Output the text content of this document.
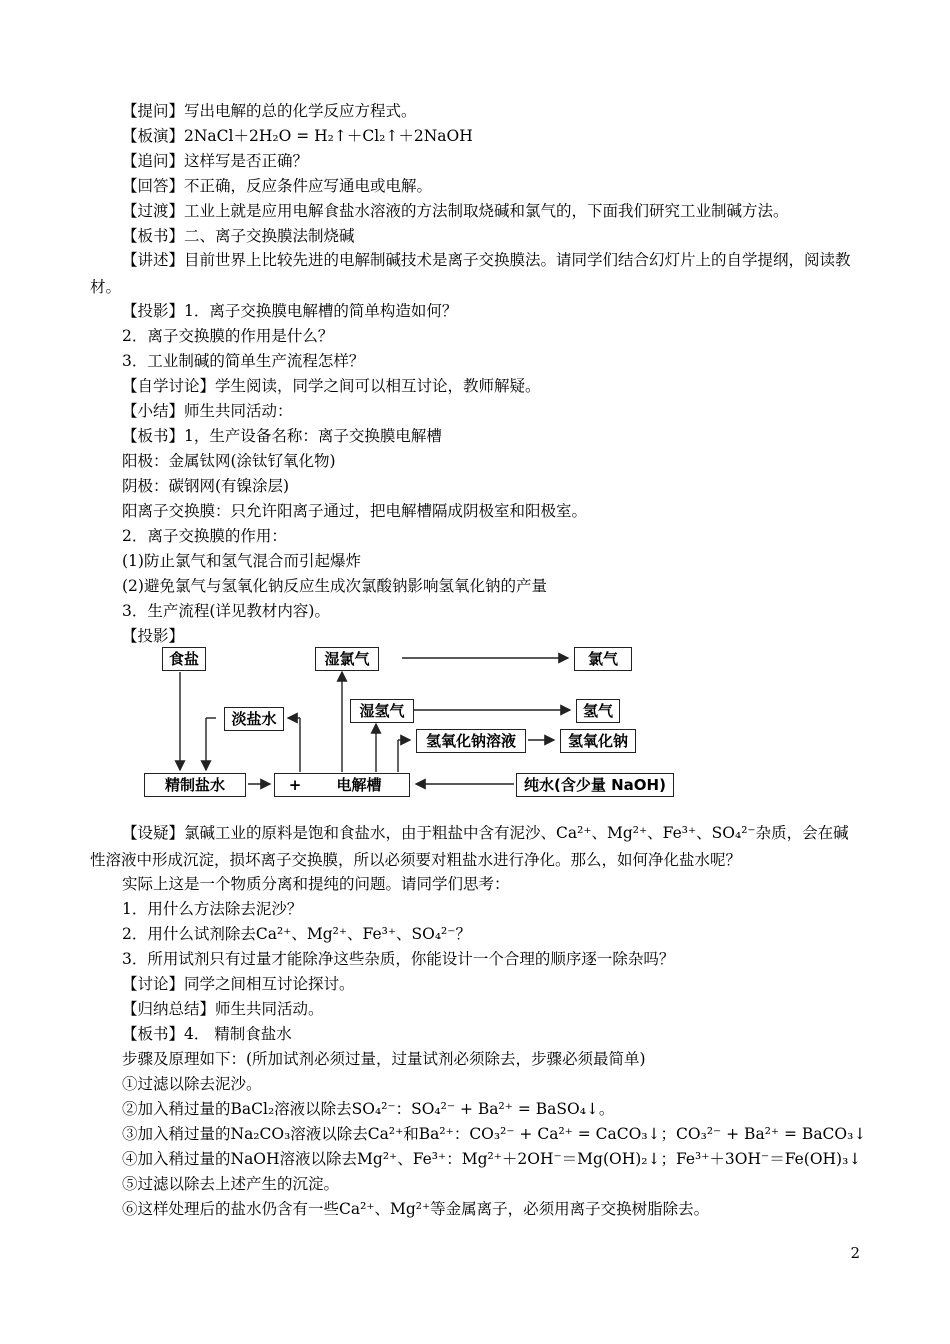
【提问】写出电解的总的化学反应方程式。
【板演】2NaCl＋2H₂O = H₂↑＋Cl₂↑＋2NaOH
【追问】这样写是否正确？
【回答】不正确，反应条件应写通电或电解。
【过渡】工业上就是应用电解食盐水溶液的方法制取烧碱和氯气的，下面我们研究工业制碱方法。
【板书】二、离子交换膜法制烧碱
【讲述】目前世界上比较先进的电解制碱技术是离子交换膜法。请同学们结合幻灯片上的自学提纲，阅读教材。
【投影】1．离子交换膜电解槽的简单构造如何？
2．离子交换膜的作用是什么？
3．工业制碱的简单生产流程怎样？
【自学讨论】学生阅读，同学之间可以相互讨论，教师解疑。
【小结】师生共同活动：
【板书】1，生产设备名称：离子交换膜电解槽
阳极：金属钛网(涂钛钌氧化物)
阴极：碳钢网(有镍涂层)
阳离子交换膜：只允许阳离子通过，把电解槽隔成阴极室和阳极室。
2．离子交换膜的作用：
(1)防止氯气和氢气混合而引起爆炸
(2)避免氯气与氢氧化钠反应生成次氯酸钠影响氢氧化钠的产量
3．生产流程(详见教材内容)。
【投影】
食盐	湿氯气	氯气
淡盐水	湿氢气	氢气
氢氧化钠溶液	氢氧化钠
精制盐水	+ 电解槽	纯水(含少量 NaOH)
【设疑】氯碱工业的原料是饱和食盐水，由于粗盐中含有泥沙、Ca²⁺、Mg²⁺、Fe³⁺、SO₄²⁻杂质，会在碱性溶液中形成沉淀，损坏离子交换膜，所以必须要对粗盐水进行净化。那么，如何净化盐水呢？
实际上这是一个物质分离和提纯的问题。请同学们思考：
1．用什么方法除去泥沙？
2．用什么试剂除去Ca²⁺、Mg²⁺、Fe³⁺、SO₄²⁻？
3．所用试剂只有过量才能除净这些杂质，你能设计一个合理的顺序逐一除杂吗？
【讨论】同学之间相互讨论探讨。
【归纳总结】师生共同活动。
【板书】4． 精制食盐水
步骤及原理如下：(所加试剂必须过量，过量试剂必须除去，步骤必须最简单)
①过滤以除去泥沙。
②加入稍过量的BaCl₂溶液以除去SO₄²⁻：SO₄²⁻ + Ba²⁺ = BaSO₄↓。
③加入稍过量的Na₂CO₃溶液以除去Ca²⁺和Ba²⁺：CO₃²⁻ + Ca²⁺ = CaCO₃↓；CO₃²⁻ + Ba²⁺ = BaCO₃↓
④加入稍过量的NaOH溶液以除去Mg²⁺、Fe³⁺：Mg²⁺＋2OH⁻＝Mg(OH)₂↓；Fe³⁺＋3OH⁻＝Fe(OH)₃↓
⑤过滤以除去上述产生的沉淀。
⑥这样处理后的盐水仍含有一些Ca²⁺、Mg²⁺等金属离子，必须用离子交换树脂除去。
2
